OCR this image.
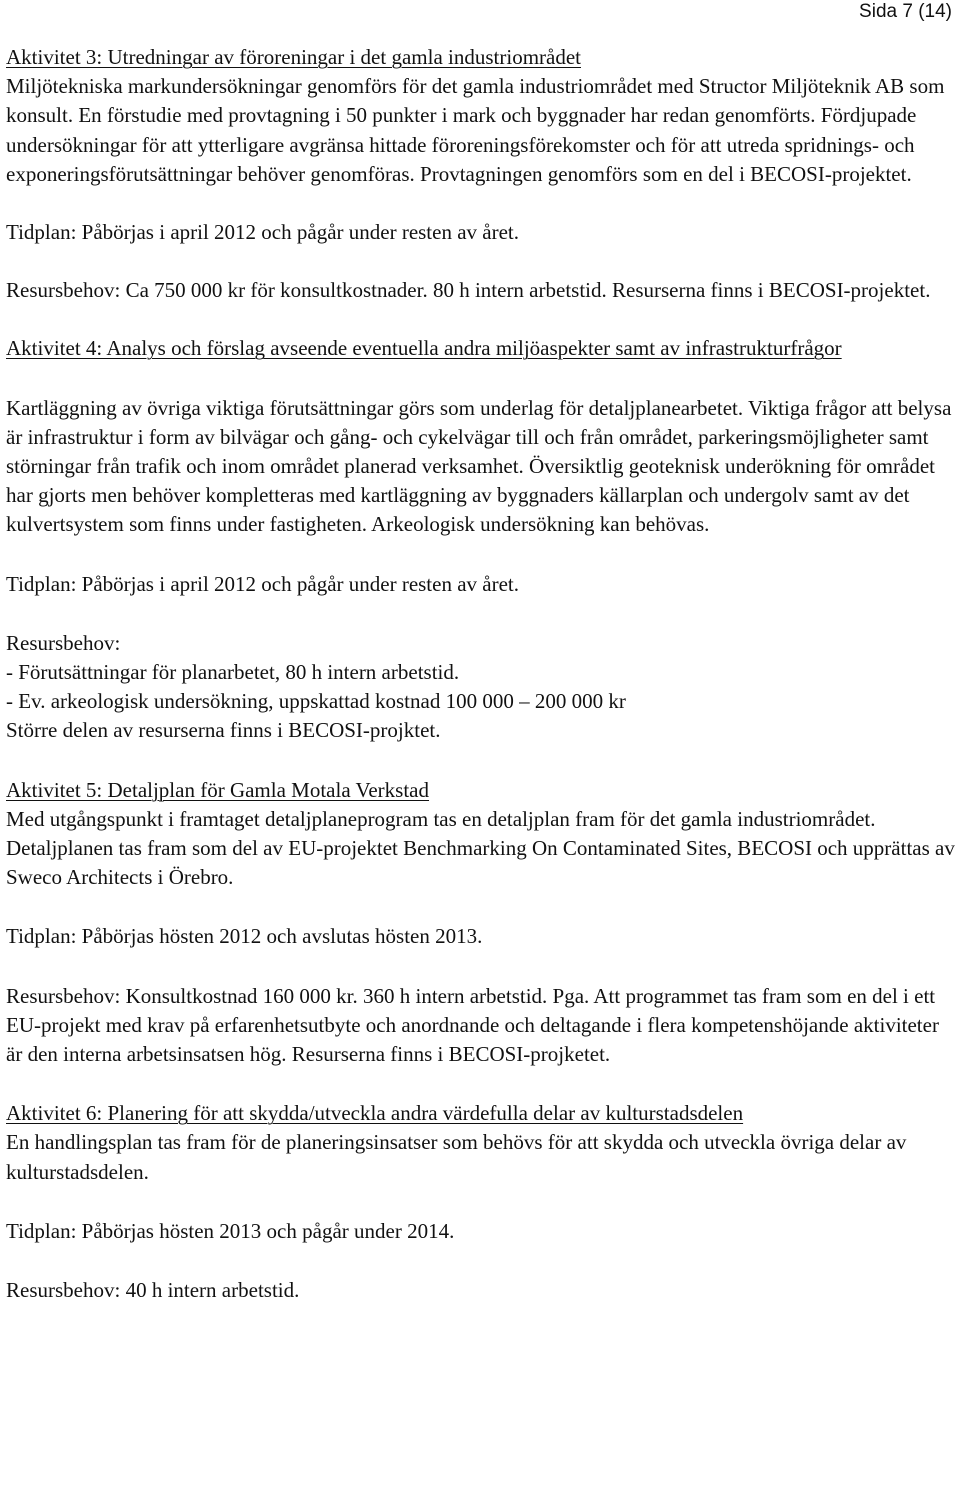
Sida 7 (14)

Aktivitet 3: Utredningar av föroreningar i det gamla industriområdet

Miljötekniska markundersökningar genomförs för det gamla industriområdet med Structor Miljöteknik AB som konsult. En förstudie med provtagning i 50 punkter i mark och byggnader har redan genomförts. Fördjupade undersökningar för att ytterligare avgränsa hittade föroreningsförekomster och för att utreda spridnings- och exponeringsförutsättningar behöver genomföras. Provtagningen genomförs som en del i BECOSI-projektet.

Tidplan: Påbörjas i april 2012 och pågår under resten av året.

Resursbehov: Ca 750 000 kr för konsultkostnader. 80 h intern arbetstid. Resurserna finns i BECOSI-projektet.

Aktivitet 4: Analys och förslag avseende eventuella andra miljöaspekter samt av infrastrukturfrågor

Kartläggning av övriga viktiga förutsättningar görs som underlag för detaljplanearbetet. Viktiga frågor att belysa är infrastruktur i form av bilvägar och gång- och cykelvägar till och från området, parkeringsmöjligheter samt störningar från trafik och inom området planerad verksamhet. Översiktlig geoteknisk underökning för området har gjorts men behöver kompletteras med kartläggning av byggnaders källarplan och undergolv samt av det kulvertsystem som finns under fastigheten. Arkeologisk undersökning kan behövas.

Tidplan: Påbörjas i april 2012 och pågår under resten av året.

Resursbehov:

- Förutsättningar för planarbetet, 80 h intern arbetstid.

- Ev. arkeologisk undersökning, uppskattad kostnad 100 000 – 200 000 kr

Större delen av resurserna finns i BECOSI-projktet.

Aktivitet 5: Detaljplan för Gamla Motala Verkstad

Med utgångspunkt i framtaget detaljplaneprogram tas en detaljplan fram för det gamla industriområdet. Detaljplanen tas fram som del av EU-projektet Benchmarking On Contaminated Sites, BECOSI och upprättas av Sweco Architects i Örebro.

Tidplan: Påbörjas hösten 2012 och avslutas hösten 2013.

Resursbehov: Konsultkostnad 160 000 kr. 360 h intern arbetstid. Pga. Att programmet tas fram som en del i ett EU-projekt med krav på erfarenhetsutbyte och anordnande och deltagande i flera kompetenshöjande aktiviteter är den interna arbetsinsatsen hög. Resurserna finns i BECOSI-projketet.

Aktivitet 6: Planering för att skydda/utveckla andra värdefulla delar av kulturstadsdelen

En handlingsplan tas fram för de planeringsinsatser som behövs för att skydda och utveckla övriga delar av kulturstadsdelen.

Tidplan: Påbörjas hösten 2013 och pågår under 2014.

Resursbehov: 40 h intern arbetstid.
